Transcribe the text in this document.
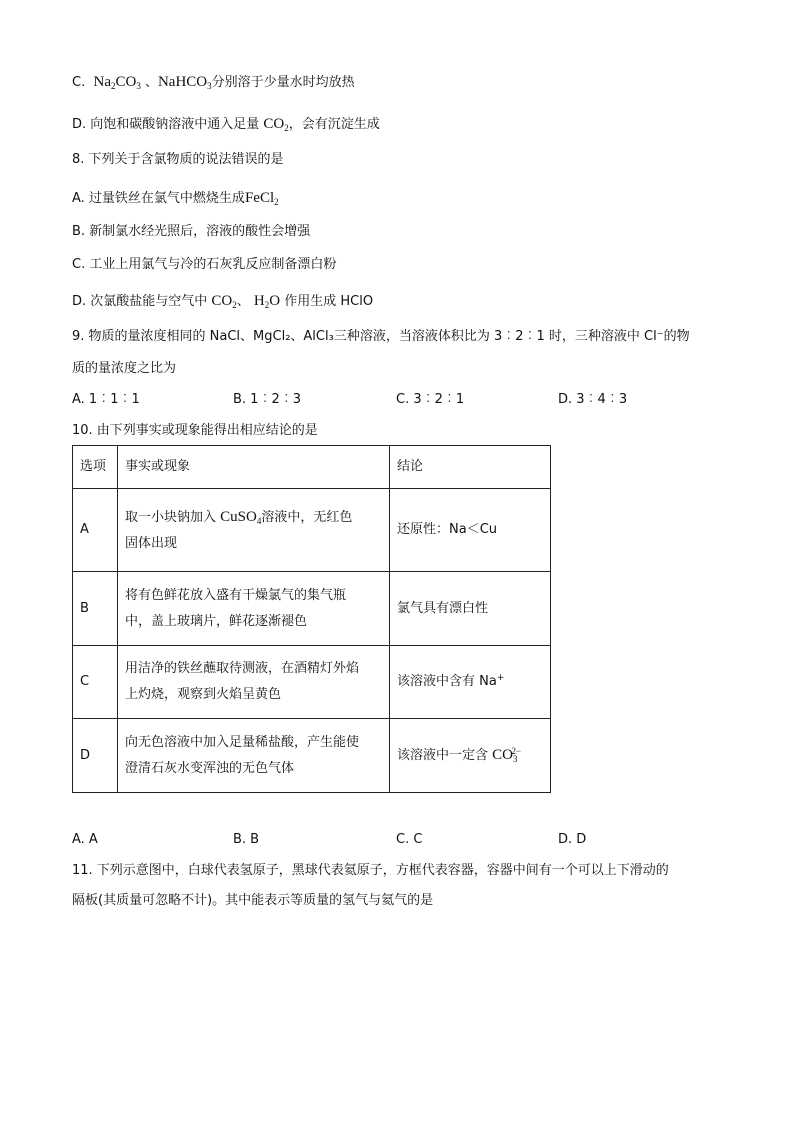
C. $Na_2CO_3$ 、NaHCO$_3$分别溶于少量水时均放热
D. 向饱和碳酸钠溶液中通入足量 $CO_2$，会有沉淀生成
8. 下列关于含氯物质的说法错误的是
A. 过量铁丝在氯气中燃烧生成FeCl$_2$
B. 新制氯水经光照后，溶液的酸性会增强
C. 工业上用氯气与冷的石灰乳反应制备漂白粉
D. 次氯酸盐能与空气中 $CO_2$、 $H_2O$ 作用生成 HClO
9. 物质的量浓度相同的 NaCl、MgCl₂、AlCl₃三种溶液，当溶液体积比为 3︰2︰1 时，三种溶液中 Cl⁻的物
质的量浓度之比为
A. 1︰1︰1	B. 1︰2︰3	C. 3︰2︰1	D. 3︰4︰3
10. 由下列事实或现象能得出相应结论的是
选项	事实或现象	结论
A	取一小块钠加入 CuSO$_4$溶液中，无红色
固体出现	还原性：Na＜Cu
B	将有色鲜花放入盛有干燥氯气的集气瓶
中，盖上玻璃片，鲜花逐渐褪色	氯气具有漂白性
C	用洁净的铁丝蘸取待测液，在酒精灯外焰
上灼烧，观察到火焰呈黄色	该溶液中含有 Na+
D	向无色溶液中加入足量稀盐酸，产生能使
澄清石灰水变浑浊的无色气体	该溶液中一定含 $CO_3^{2-}$
A. A	B. B	C. C	D. D
11. 下列示意图中，白球代表氢原子，黑球代表氦原子，方框代表容器，容器中间有一个可以上下滑动的
隔板(其质量可忽略不计)。其中能表示等质量的氢气与氦气的是
